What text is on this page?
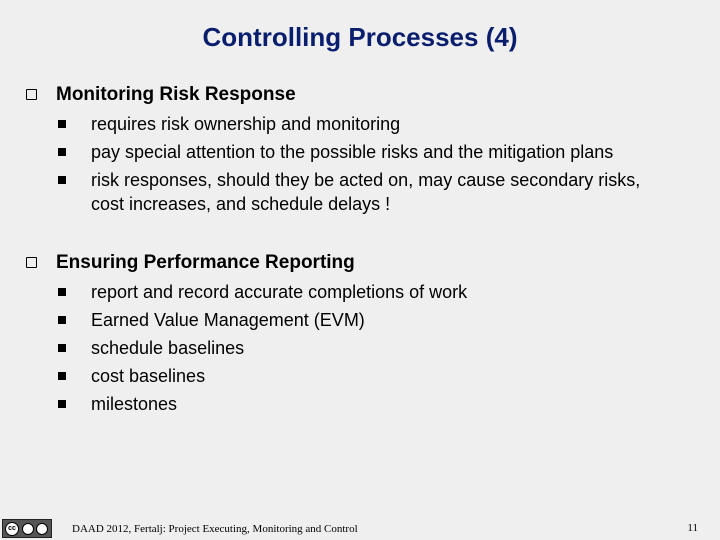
Controlling Processes (4)
Monitoring Risk Response
requires risk ownership and monitoring
pay special attention to the possible risks and the mitigation plans
risk responses, should they be acted on, may cause secondary risks, cost increases, and schedule delays !
Ensuring Performance Reporting
report and record accurate completions of work
Earned Value Management (EVM)
schedule baselines
cost baselines
milestones
cc	DAAD 2012, Fertalj: Project Executing, Monitoring and Control	11
